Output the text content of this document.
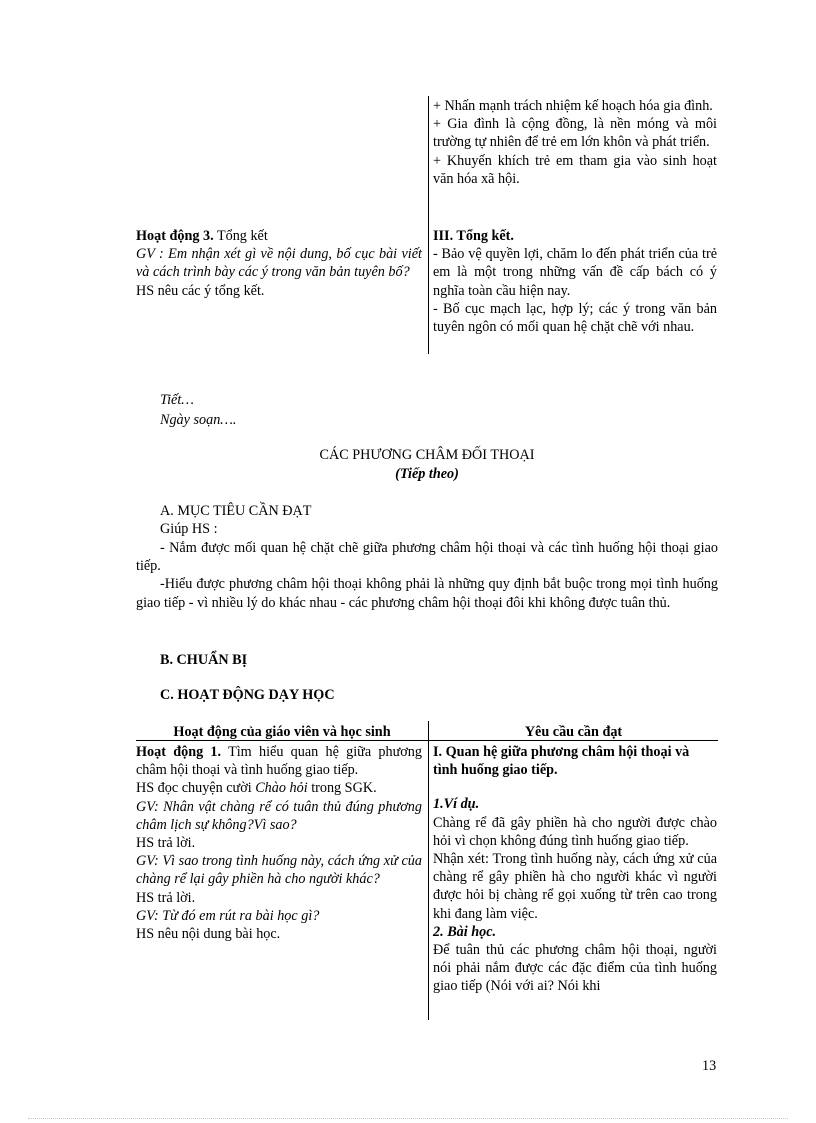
+ Nhấn mạnh trách nhiệm kế hoạch hóa gia đình.

+ Gia đình là cộng đồng, là nền móng và môi trường tự nhiên để trẻ em lớn khôn và phát triển.

+ Khuyến khích trẻ em tham gia vào sinh hoạt văn hóa xã hội.

Hoạt động 3. Tổng kết

GV : Em nhận xét gì về nội dung, bố cục bài viết và cách trình bày các ý trong văn bản tuyên bố?

HS nêu các ý tổng kết.

III. Tổng kết.

- Bảo vệ quyền lợi, chăm lo đến phát triển của trẻ em là một trong những vấn đề cấp bách có ý nghĩa toàn cầu hiện nay.

- Bố cục mạch lạc, hợp lý; các ý trong văn bản tuyên ngôn có mối quan hệ chặt chẽ với nhau.

Tiết…
Ngày soạn….
CÁC PHƯƠNG CHÂM ĐỐI THOẠI
(Tiếp theo)
A. MỤC TIÊU CẦN ĐẠT
Giúp HS :

- Nắm được mối quan hệ chặt chẽ giữa phương châm hội thoại và các tình huống hội thoại giao tiếp.

-Hiểu được phương châm hội thoại không phải là những quy định bắt buộc trong mọi tình huống giao tiếp - vì nhiều lý do khác nhau - các phương châm hội thoại đôi khi không được tuân thủ.

B. CHUẨN BỊ
C. HOẠT ĐỘNG DẠY HỌC
Hoạt động của giáo viên và học sinh	Yêu cầu cần đạt

Hoạt động 1. Tìm hiểu quan hệ giữa phương châm hội thoại và tình huống giao tiếp.

HS đọc chuyện cười Chào hỏi trong SGK.

GV: Nhân vật chàng rể có tuân thủ đúng phương châm lịch sự không?Vì sao?

HS trả lời.

GV: Vì sao trong tình huống này, cách ứng xử của chàng rể lại gây phiền hà cho người khác?

HS trả lời.

GV: Từ đó em rút ra bài học gì?

HS nêu nội dung bài học.

I. Quan hệ giữa phương châm hội thoại và tình huống giao tiếp.

1.Ví dụ.

Chàng rể đã gây phiền hà cho người được chào hỏi vì chọn không đúng tình huống giao tiếp.

Nhận xét: Trong tình huống này, cách ứng xử của chàng rể gây phiền hà cho người khác vì người được hỏi bị chàng rể gọi xuống từ trên cao trong khi đang làm việc.

2. Bài học.

Để tuân thủ các phương châm hội thoại, người nói phải nắm được các đặc điểm của tình huống giao tiếp (Nói với ai? Nói khi

13
